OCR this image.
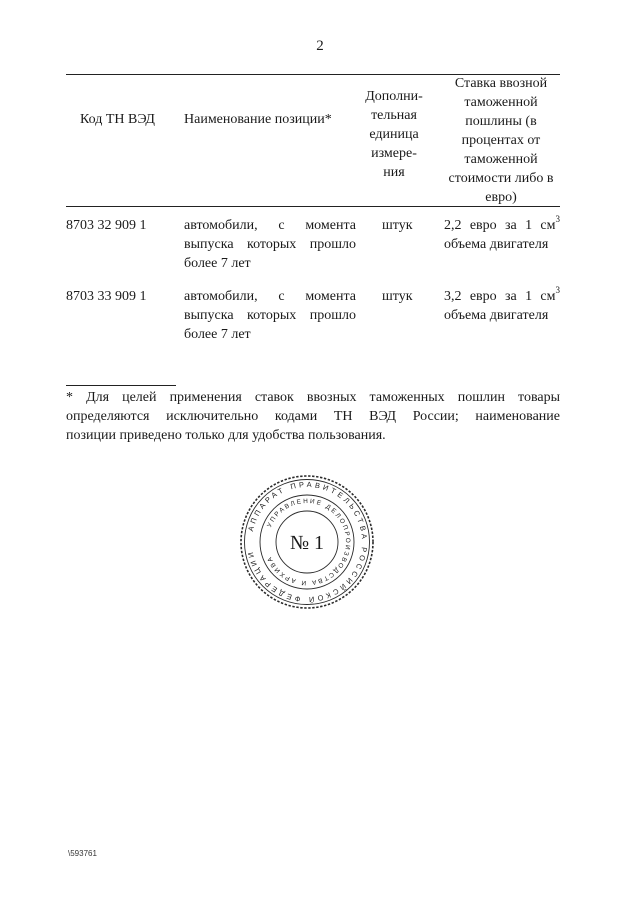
2
Код ТН ВЭД Наименование позиции*
Дополни-
тельная
единица
измере-
ния
Ставка ввозной
таможенной
пошлины (в
процентах от
таможенной
стоимости либо в
евро)
8703 32 909 1	автомобили, с момента
выпуска которых прошло
более 7 лет
штук 2,2 евро за 1 $см^3$
объема двигателя
8703 33 909 1	автомобили, с момента
выпуска которых прошло
более 7 лет
штук 3,2 евро за 1 $см^3$
объема двигателя
* Для целей применения ставок ввозных таможенных пошлин товары
определяются исключительно кодами ТН ВЭД России; наименование
позиции приведено только для удобства пользования.
АППАРАТ ПРАВИТЕЛЬСТВА РОССИЙСКОЙ ФЕДЕРАЦИИ
УПРАВЛЕНИЕ ДЕЛОПРОИЗВОДСТВА И АРХИВА
№ 1
\593761
